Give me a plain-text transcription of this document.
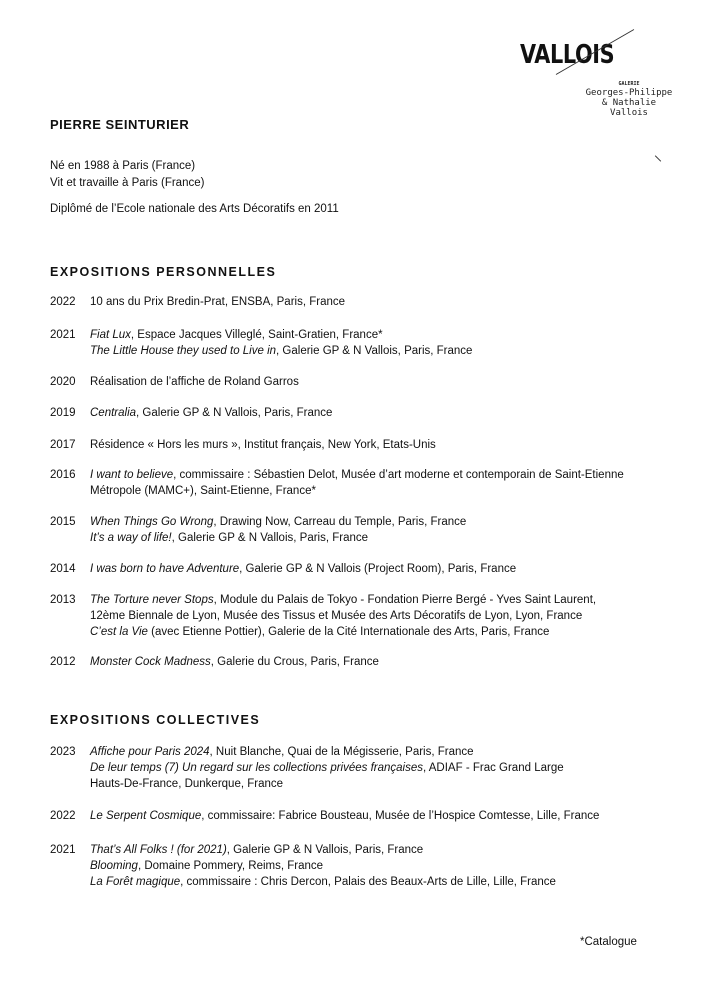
VALLOIS
GALERIE
Georges-Philippe
& Nathalie
Vallois
PIERRE SEINTURIER
Né en 1988 à Paris (France)
Vit et travaille à Paris (France)
Diplômé de l’Ecole nationale des Arts Décoratifs en 2011
EXPOSITIONS PERSONNELLES
2022	10 ans du Prix Bredin-Prat, ENSBA, Paris, France
2021	Fiat Lux, Espace Jacques Villeglé, Saint-Gratien, France*
The Little House they used to Live in, Galerie GP & N Vallois, Paris, France
2020	Réalisation de l’affiche de Roland Garros
2019	Centralia, Galerie GP & N Vallois, Paris, France
2017	Résidence « Hors les murs », Institut français, New York, Etats-Unis
2016	I want to believe, commissaire : Sébastien Delot, Musée d’art moderne et contemporain de Saint-Etienne
Métropole (MAMC+), Saint-Etienne, France*
2015	When Things Go Wrong, Drawing Now, Carreau du Temple, Paris, France
It’s a way of life!, Galerie GP & N Vallois, Paris, France
2014	I was born to have Adventure, Galerie GP & N Vallois (Project Room), Paris, France
2013	The Torture never Stops, Module du Palais de Tokyo - Fondation Pierre Bergé - Yves Saint Laurent,
12ème Biennale de Lyon, Musée des Tissus et Musée des Arts Décoratifs de Lyon, Lyon, France
C’est la Vie (avec Etienne Pottier), Galerie de la Cité Internationale des Arts, Paris, France
2012	Monster Cock Madness, Galerie du Crous, Paris, France
EXPOSITIONS COLLECTIVES
2023	Affiche pour Paris 2024, Nuit Blanche, Quai de la Mégisserie, Paris, France
De leur temps (7) Un regard sur les collections privées françaises, ADIAF - Frac Grand Large
Hauts-De-France, Dunkerque, France
2022	Le Serpent Cosmique, commissaire: Fabrice Bousteau, Musée de l’Hospice Comtesse, Lille, France
2021	That’s All Folks ! (for 2021), Galerie GP & N Vallois, Paris, France
Blooming, Domaine Pommery, Reims, France
La Forêt magique, commissaire : Chris Dercon, Palais des Beaux-Arts de Lille, Lille, France
*Catalogue
